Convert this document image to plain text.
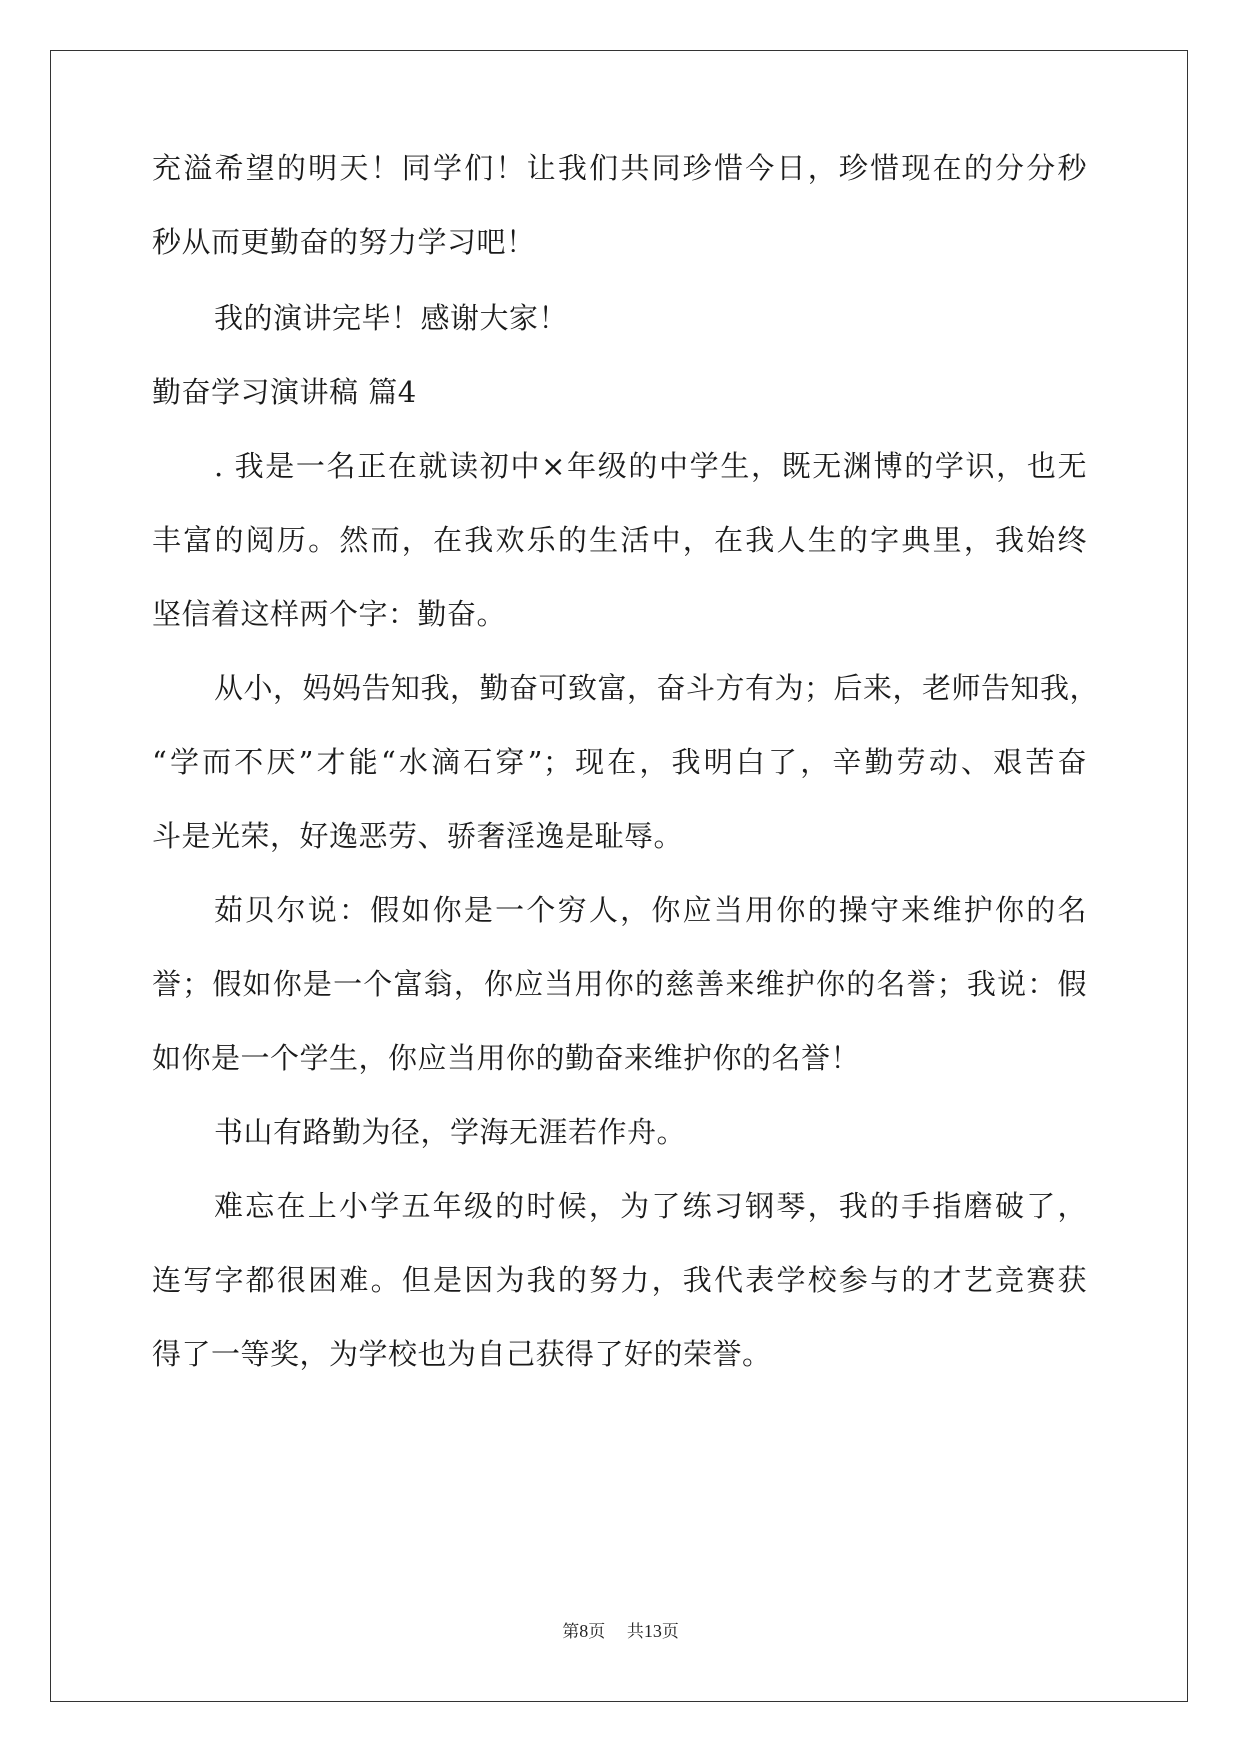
充溢希望的明天！同学们！让我们共同珍惜今日，珍惜现在的分分秒
秒从而更勤奋的努力学习吧！
我的演讲完毕！感谢大家！
勤奋学习演讲稿 篇4
. 我是一名正在就读初中×年级的中学生，既无渊博的学识，也无
丰富的阅历。然而，在我欢乐的生活中，在我人生的字典里，我始终
坚信着这样两个字：勤奋。
从小，妈妈告知我，勤奋可致富，奋斗方有为；后来，老师告知我，
“学而不厌”才能“水滴石穿”；现在，我明白了，辛勤劳动、艰苦奋
斗是光荣，好逸恶劳、骄奢淫逸是耻辱。
茹贝尔说：假如你是一个穷人，你应当用你的操守来维护你的名
誉；假如你是一个富翁，你应当用你的慈善来维护你的名誉；我说：假
如你是一个学生，你应当用你的勤奋来维护你的名誉！
书山有路勤为径，学海无涯若作舟。
难忘在上小学五年级的时候，为了练习钢琴，我的手指磨破了，
连写字都很困难。但是因为我的努力，我代表学校参与的才艺竞赛获
得了一等奖，为学校也为自己获得了好的荣誉。
第8页 共13页
